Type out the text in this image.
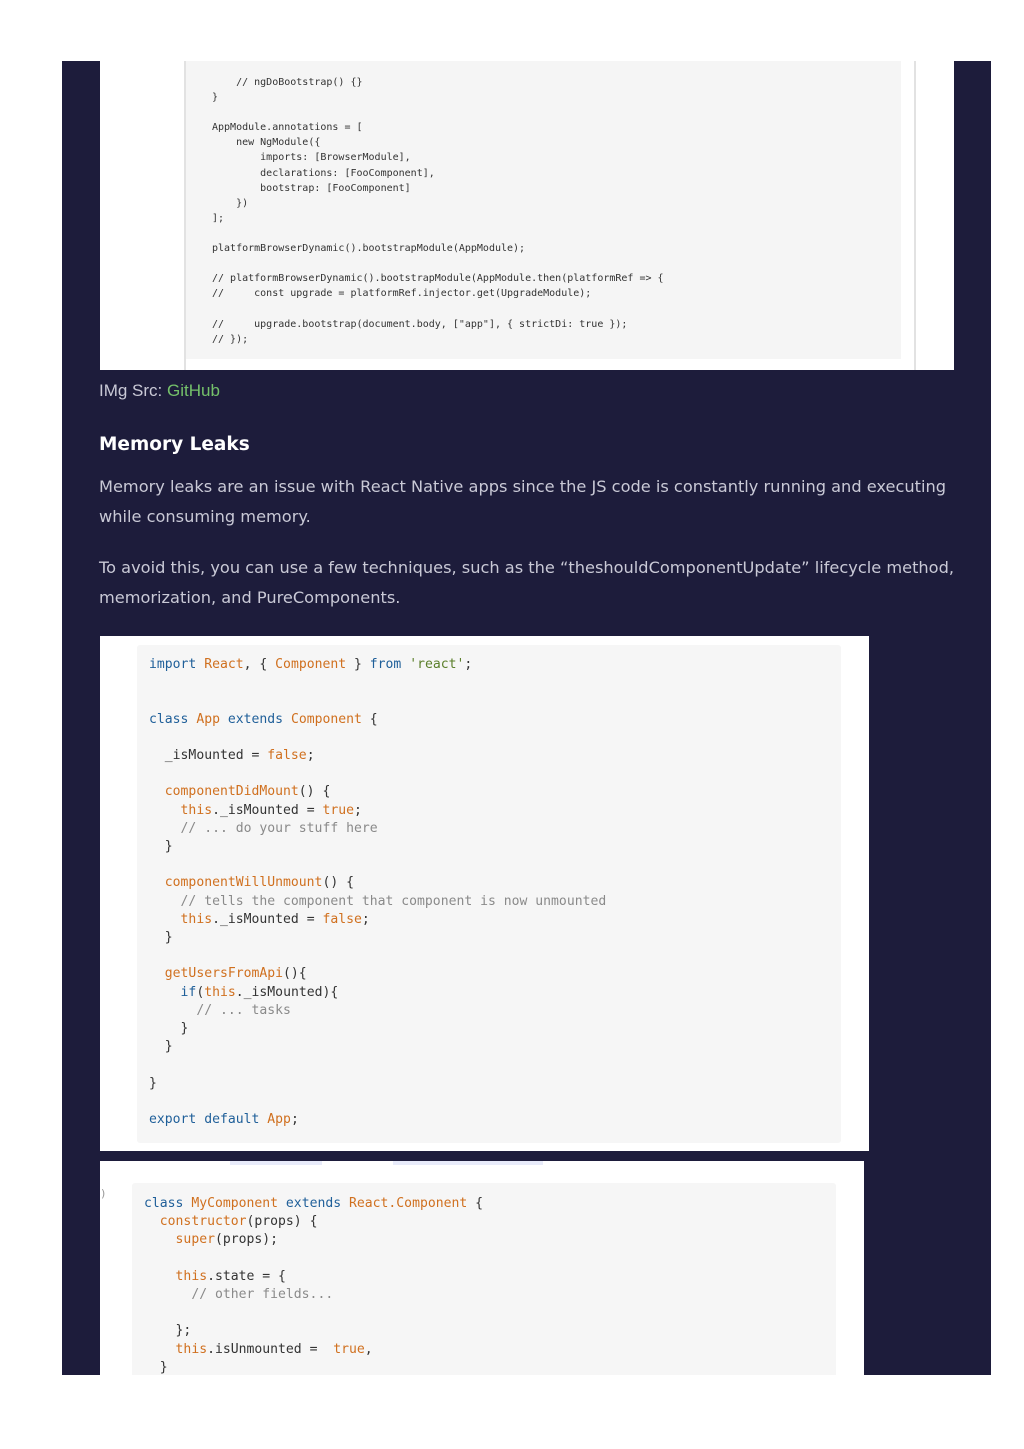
// ngDoBootstrap() {}
}

AppModule.annotations = [
new NgModule({
imports: [BrowserModule],
declarations: [FooComponent],
bootstrap: [FooComponent]
})
];

platformBrowserDynamic().bootstrapModule(AppModule);

// platformBrowserDynamic().bootstrapModule(AppModule.then(platformRef => {
//     const upgrade = platformRef.injector.get(UpgradeModule);

//     upgrade.bootstrap(document.body, ["app"], { strictDi: true });
// });
IMg Src: GitHub
Memory Leaks

Memory leaks are an issue with React Native apps since the JS code is constantly running and executing while consuming memory.

To avoid this, you can use a few techniques, such as the “theshouldComponentUpdate” lifecycle method, memorization, and PureComponents.

import React, { Component } from 'react';

class App extends Component {

_isMounted = false;

componentDidMount() {
this._isMounted = true;
// ... do your stuff here
}

componentWillUnmount() {
// tells the component that component is now unmounted
this._isMounted = false;
}

getUsersFromApi(){
if(this._isMounted){
// ... tasks
}
}

}

export default App;
)
class MyComponent extends React.Component {
constructor(props) {
super(props);

this.state = {
// other fields...

};
this.isUnmounted =  true,
}
